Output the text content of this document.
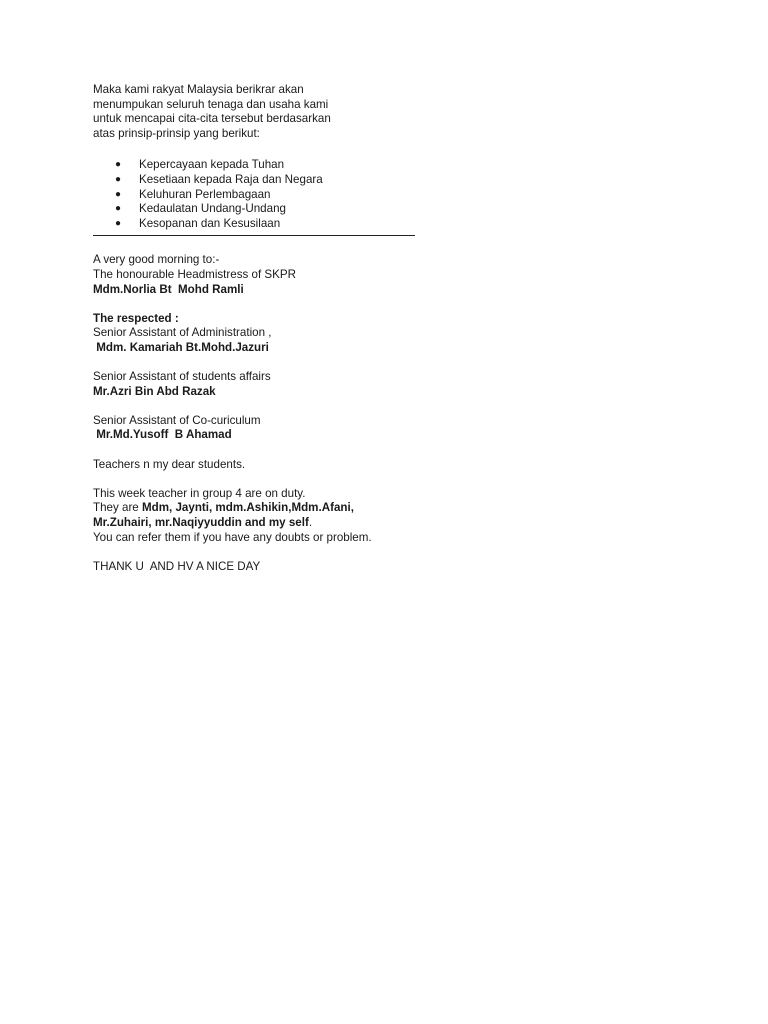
Maka kami rakyat Malaysia berikrar akan
menumpukan seluruh tenaga dan usaha kami
untuk mencapai cita-cita tersebut berdasarkan
atas prinsip-prinsip yang berikut:
● Kepercayaan kepada Tuhan
● Kesetiaan kepada Raja dan Negara
● Keluhuran Perlembagaan
● Kedaulatan Undang-Undang
● Kesopanan dan Kesusilaan
A very good morning to:-
The honourable Headmistress of SKPR
Mdm.Norlia Bt  Mohd Ramli
The respected :
Senior Assistant of Administration ,
Mdm. Kamariah Bt.Mohd.Jazuri
Senior Assistant of students affairs
Mr.Azri Bin Abd Razak
Senior Assistant of Co-curiculum
Mr.Md.Yusoff  B Ahamad
Teachers n my dear students.
This week teacher in group 4 are on duty.
They are Mdm, Jaynti, mdm.Ashikin,Mdm.Afani,
Mr.Zuhairi, mr.Naqiyyuddin and my self.
You can refer them if you have any doubts or problem.
THANK U  AND HV A NICE DAY
